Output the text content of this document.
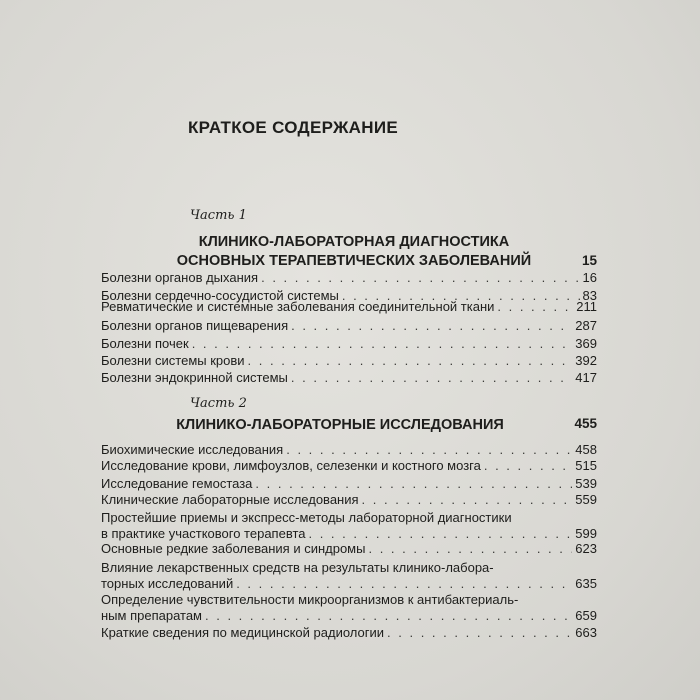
КРАТКОЕ СОДЕРЖАНИЕ
Часть 1
КЛИНИКО-ЛАБОРАТОРНАЯ ДИАГНОСТИКА
ОСНОВНЫХ ТЕРАПЕВТИЧЕСКИХ ЗАБОЛЕВАНИЙ	15
Болезни органов дыхания . . .	16
Болезни сердечно-сосудистой системы . . .	83
Ревматические и системные заболевания соединительной ткани . . .	211
Болезни органов пищеварения . . .	287
Болезни почек . . .	369
Болезни системы крови . . .	392
Болезни эндокринной системы . . .	417
Часть 2
КЛИНИКО-ЛАБОРАТОРНЫЕ ИССЛЕДОВАНИЯ	455
Биохимические исследования . . .	458
Исследование крови, лимфоузлов, селезенки и костного мозга . . .	515
Исследование гемостаза . . .	539
Клинические лабораторные исследования . . .	559
Простейшие приемы и экспресс-методы лабораторной диагностики
в практике участкового терапевта . . .	599
Основные редкие заболевания и синдромы . . .	623
Влияние лекарственных средств на результаты клинико-лабора-
торных исследований . . .	635
Определение чувствительности микроорганизмов к антибактериаль-
ным препаратам . . .	659
Краткие сведения по медицинской радиологии . . .	663
